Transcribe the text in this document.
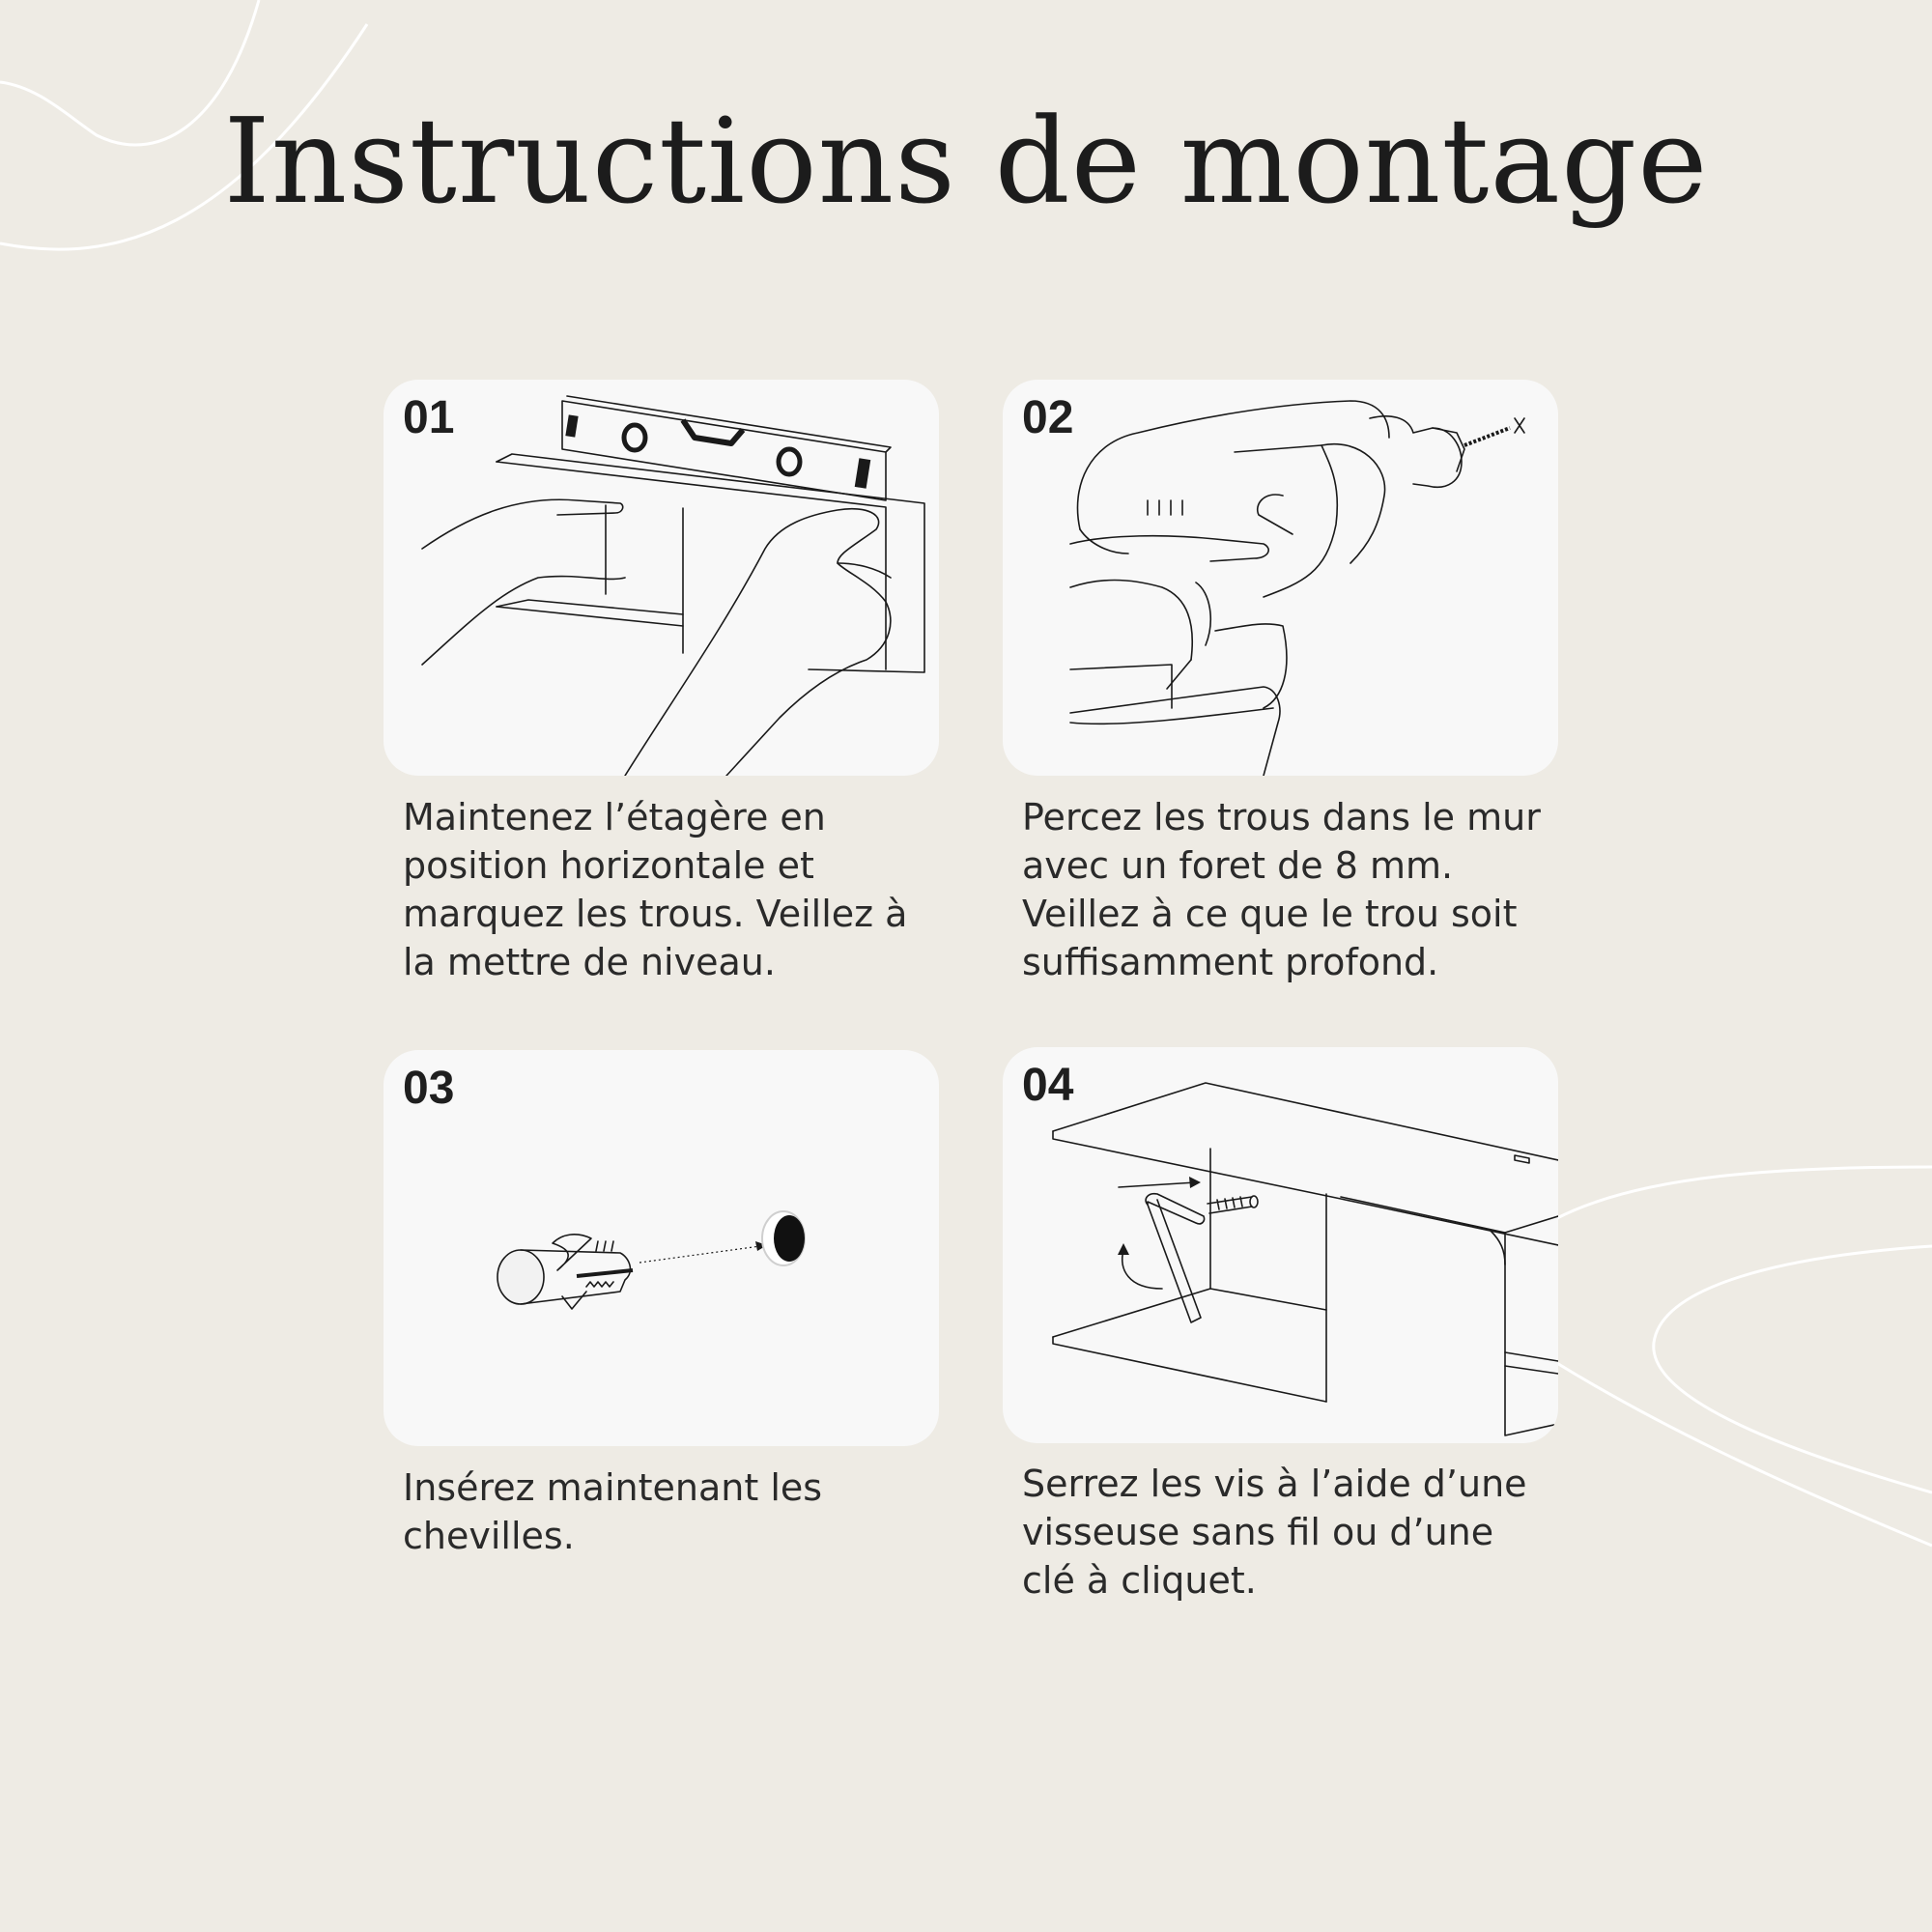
Instructions de montage
01

Maintenez l’étagère en
position horizontale et
marquez les trous. Veillez à
la mettre de niveau.

02

Percez les trous dans le mur
avec un foret de 8 mm.
Veillez à ce que le trou soit
suffisamment profond.

03

Insérez maintenant les
chevilles.

04

Serrez les vis à l’aide d’une
visseuse sans fil ou d’une
clé à cliquet.
